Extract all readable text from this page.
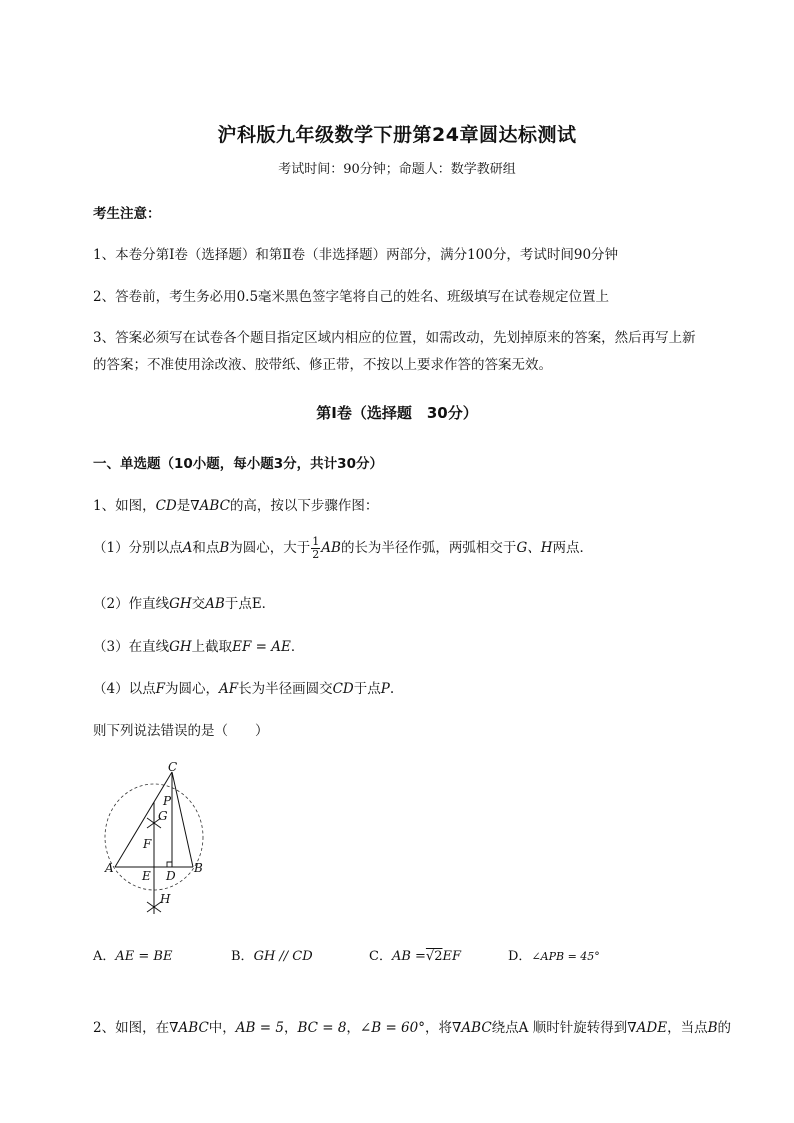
沪科版九年级数学下册第24章圆达标测试
考试时间：90分钟；命题人：数学教研组
考生注意：
1、本卷分第I卷（选择题）和第Ⅱ卷（非选择题）两部分，满分100分，考试时间90分钟
2、答卷前，考生务必用0.5毫米黑色签字笔将自己的姓名、班级填写在试卷规定位置上
3、答案必须写在试卷各个题目指定区域内相应的位置，如需改动，先划掉原来的答案，然后再写上新
的答案；不准使用涂改液、胶带纸、修正带，不按以上要求作答的答案无效。
第I卷（选择题　30分）
一、单选题（10小题，每小题3分，共计30分）
1、如图，CD是∇ABC的高，按以下步骤作图：
（1）分别以点A和点B为圆心，大于 $\frac{1}{2}$ AB的长为半径作弧，两弧相交于G、H两点．
（2）作直线GH交AB于点E．
（3）在直线GH上截取EF = AE．
（4）以点F为圆心，AF长为半径画圆交CD于点P.
则下列说法错误的是（　　）
C
P
G
F
A
E D
B
H
A．AE = BE	B．GH // CD	C．AB =√2EF	D．∠APB = 45°
2、如图，在∇ABC中，AB = 5，BC = 8，∠B = 60°，将∇ABC绕点A 顺时针旋转得到∇ADE，当点B的
